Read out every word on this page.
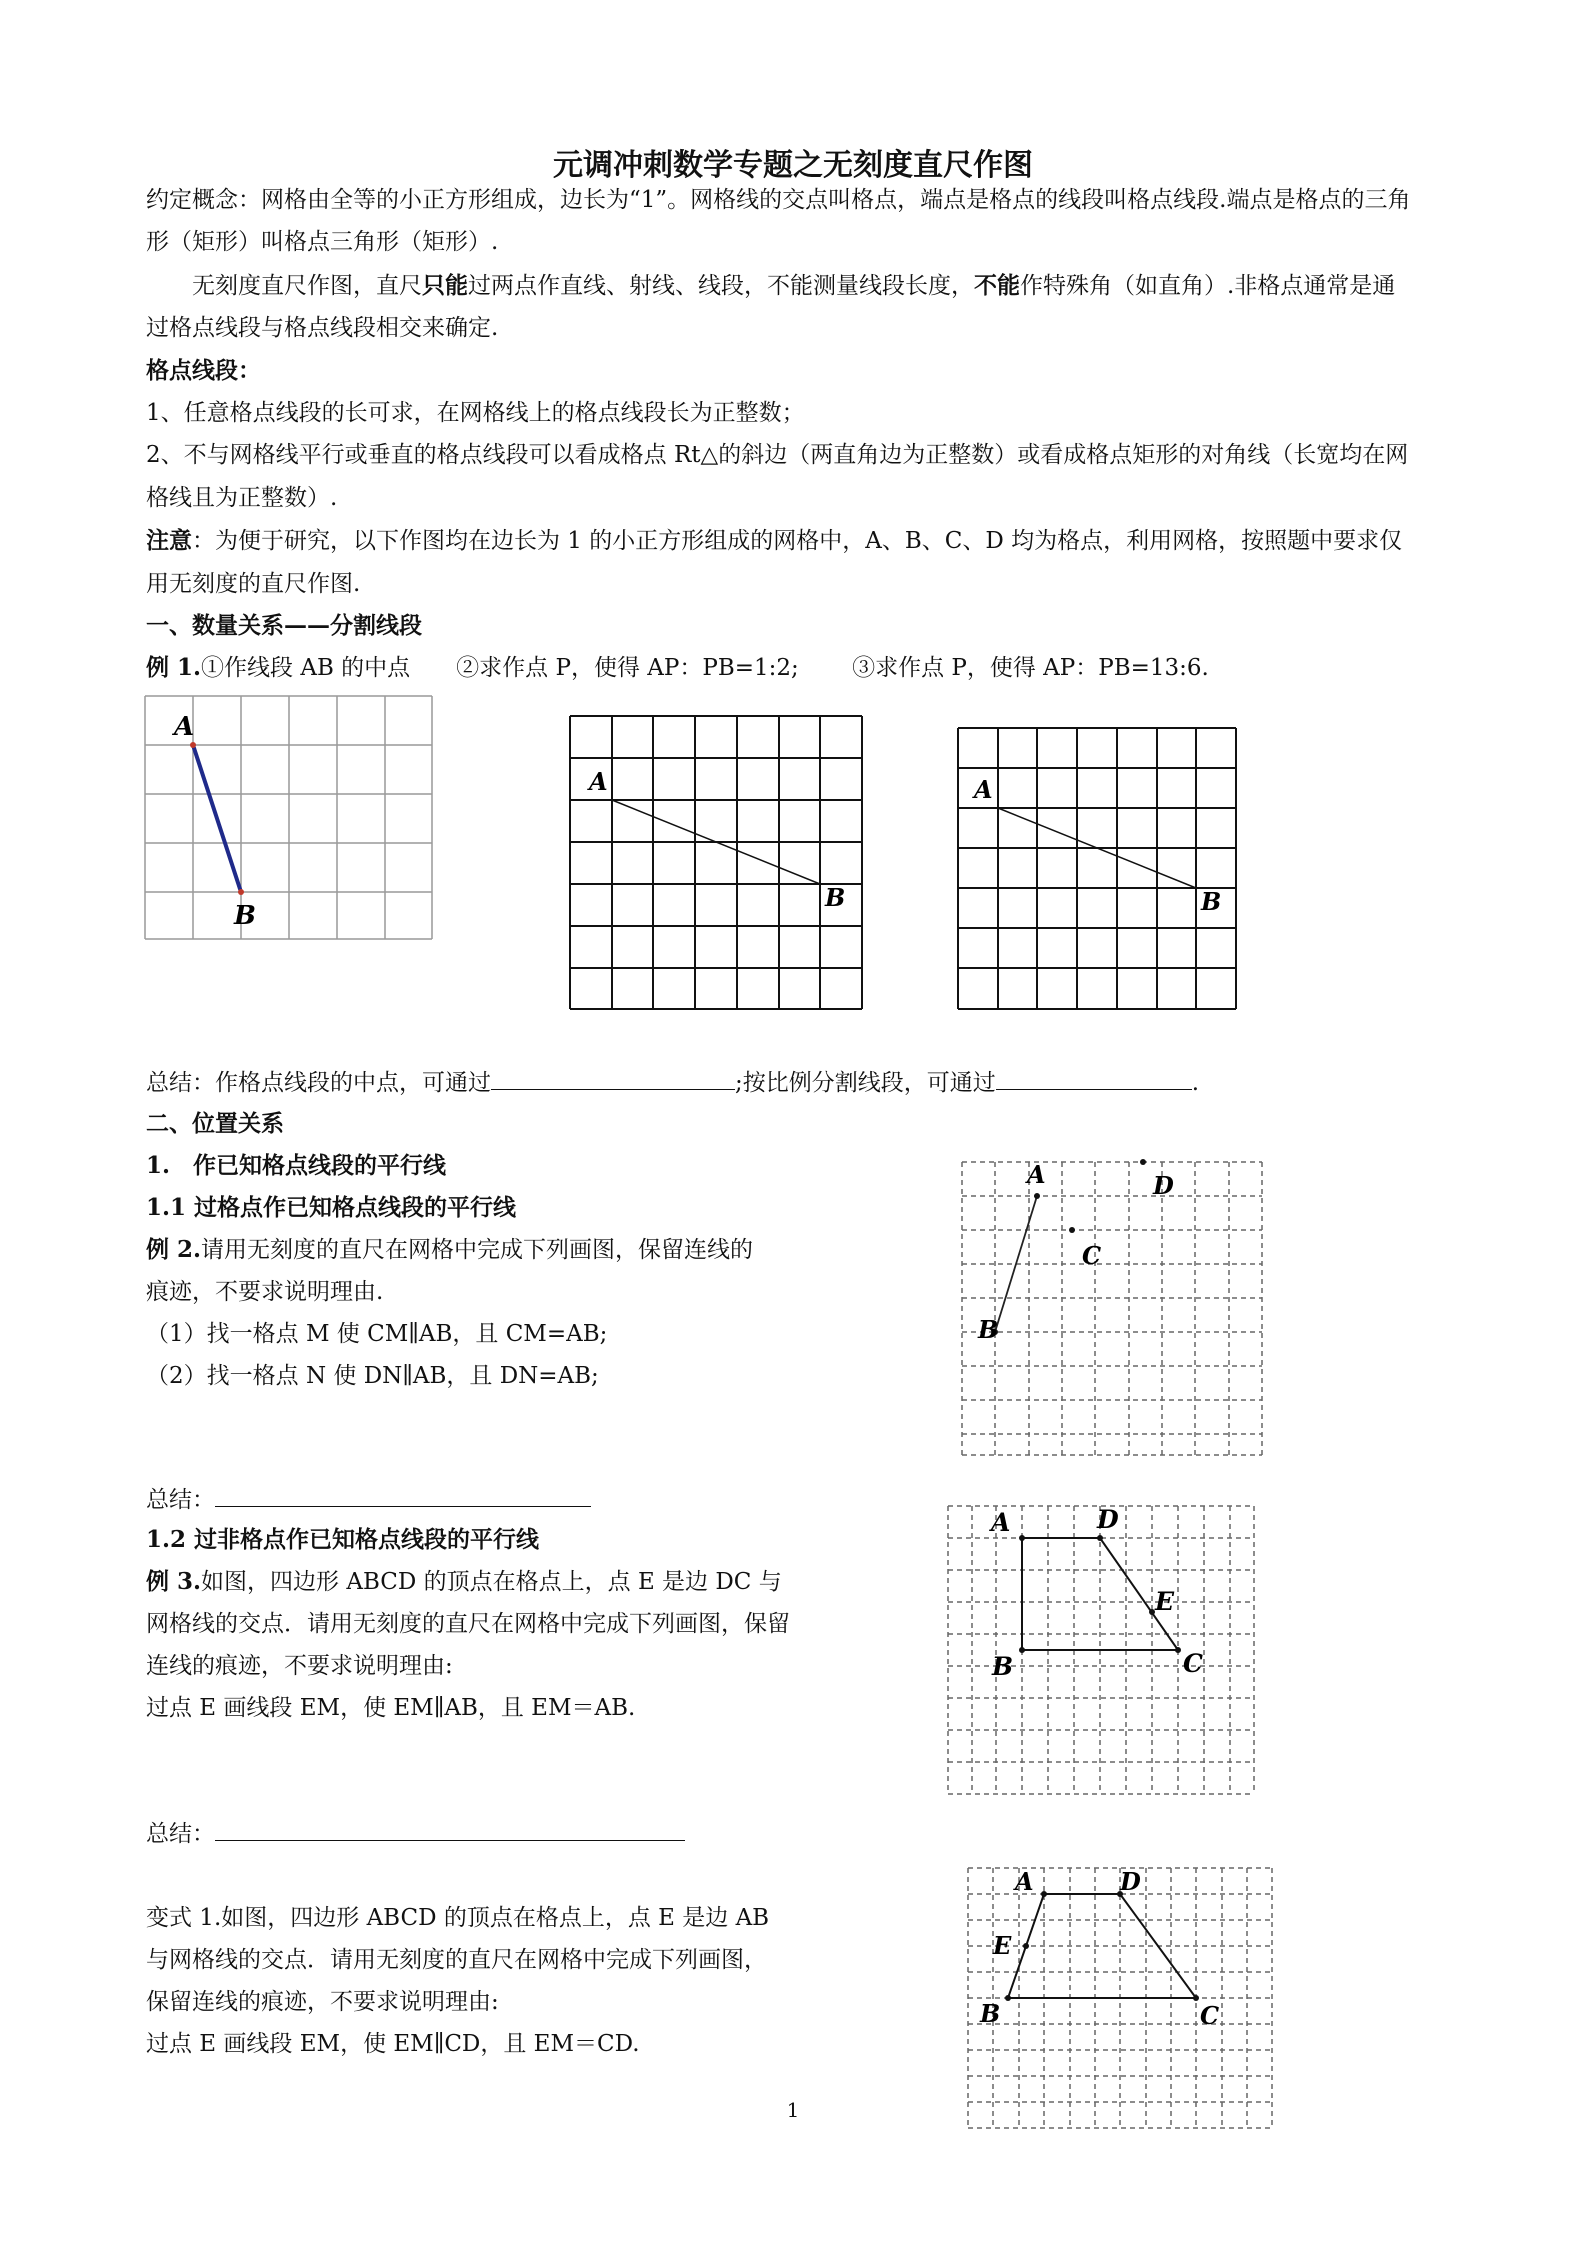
元调冲刺数学专题之无刻度直尺作图
约定概念：网格由全等的小正方形组成，边长为“1”。网格线的交点叫格点，端点是格点的线段叫格点线段.端点是格点的三角
形（矩形）叫格点三角形（矩形）.
无刻度直尺作图，直尺只能过两点作直线、射线、线段，不能测量线段长度，不能作特殊角（如直角）.非格点通常是通
过格点线段与格点线段相交来确定.
格点线段：
1、任意格点线段的长可求，在网格线上的格点线段长为正整数；
2、不与网格线平行或垂直的格点线段可以看成格点 Rt△的斜边（两直角边为正整数）或看成格点矩形的对角线（长宽均在网
格线且为正整数）.
注意：为便于研究，以下作图均在边长为 1 的小正方形组成的网格中，A、B、C、D 均为格点，利用网格，按照题中要求仅
用无刻度的直尺作图.
一、数量关系——分割线段
例 1.①作线段 AB 的中点　　②求作点 P，使得 AP：PB=1:2;　　 ③求作点 P，使得 AP：PB=13:6.
A
B
A
B
A
B
总结：作格点线段的中点，可通过	;按比例分割线段，可通过	.
二、位置关系
1.　作已知格点线段的平行线
1.1 过格点作已知格点线段的平行线
例 2.请用无刻度的直尺在网格中完成下列画图，保留连线的
痕迹，不要求说明理由.
（1）找一格点 M 使 CM∥AB，且 CM=AB;
（2）找一格点 N 使 DN∥AB，且 DN=AB;
A
B
C
D
总结：
1.2 过非格点作已知格点线段的平行线
例 3.如图，四边形 ABCD 的顶点在格点上，点 E 是边 DC 与
网格线的交点．请用无刻度的直尺在网格中完成下列画图，保留
连线的痕迹，不要求说明理由:
过点 E 画线段 EM，使 EM∥AB，且 EM＝AB.
A	D
E
B	C
总结：
变式 1.如图，四边形 ABCD 的顶点在格点上，点 E 是边 AB
与网格线的交点．请用无刻度的直尺在网格中完成下列画图，
保留连线的痕迹，不要求说明理由:
过点 E 画线段 EM，使 EM∥CD，且 EM＝CD.
A	D
E
B	C
1
